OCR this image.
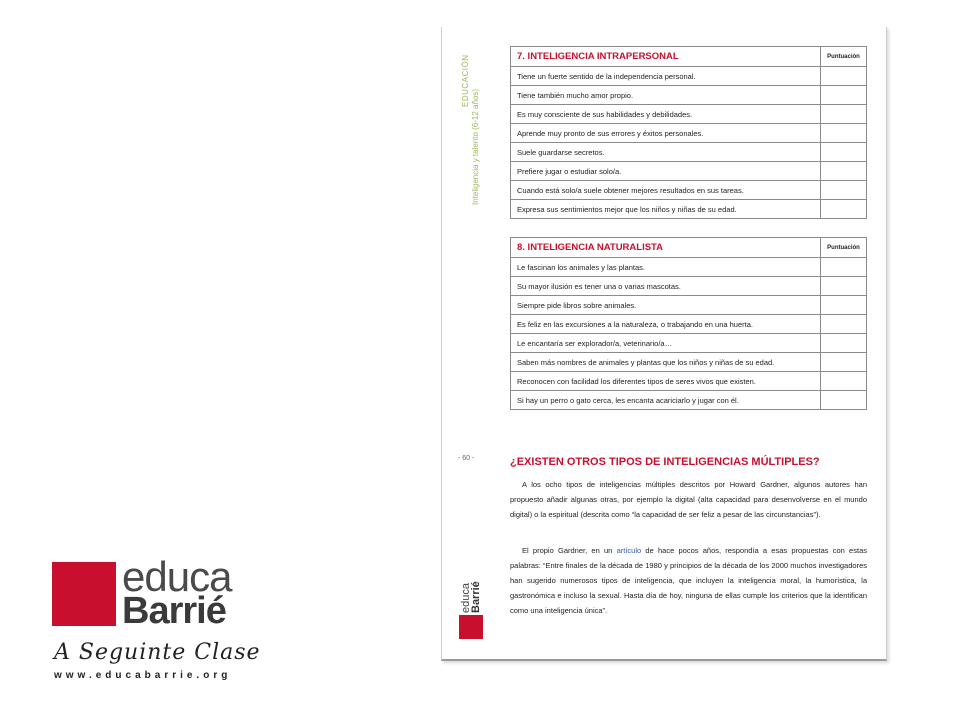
educa
Barrié
A Seguinte Clase
www.educabarrie.org
EDUCACIÓN
Inteligencia y talento (6-12 años)
7. INTELIGENCIA INTRAPERSONAL	Puntuación
Tiene un fuerte sentido de la independencia personal.	
Tiene también mucho amor propio.	
Es muy consciente de sus habilidades y debilidades.	
Aprende muy pronto de sus errores y éxitos personales.	
Suele guardarse secretos.	
Prefiere jugar o estudiar solo/a.	
Cuando está solo/a suele obtener mejores resultados en sus tareas.	
Expresa sus sentimientos mejor que los niños y niñas de su edad.	
8. INTELIGENCIA NATURALISTA	Puntuación
Le fascinan los animales y las plantas.	
Su mayor ilusión es tener una o varias mascotas.	
Siempre pide libros sobre animales.	
Es feliz en las excursiones a la naturaleza, o trabajando en una huerta.	
Le encantaría ser explorador/a, veterinario/a…	
Saben más nombres de animales y plantas que los niños y niñas de su edad.	
Reconocen con facilidad los diferentes tipos de seres vivos que existen.	
Si hay un perro o gato cerca, les encanta acariciarlo y jugar con él.	
- 60 -	¿EXISTEN OTROS TIPOS DE INTELIGENCIAS MÚLTIPLES?
A los ocho tipos de inteligencias múltiples descritos por Howard Gardner, algunos autores han propuesto añadir algunas otras, por ejemplo la digital (alta capacidad para desenvolverse en el mundo digital) o la espiritual (descrita como “la capacidad de ser feliz a pesar de las circunstancias”).
El propio Gardner, en un artículo de hace pocos años, respondía a esas propuestas con estas palabras: “Entre finales de la década de 1980 y principios de la década de los 2000 muchos investigadores han sugerido numerosos tipos de inteligencia, que incluyen la inteligencia moral, la humorística, la gastronómica e incluso la sexual. Hasta día de hoy, ninguna de ellas cumple los criterios que la identifican como una inteligencia única”.
educa
Barrié
